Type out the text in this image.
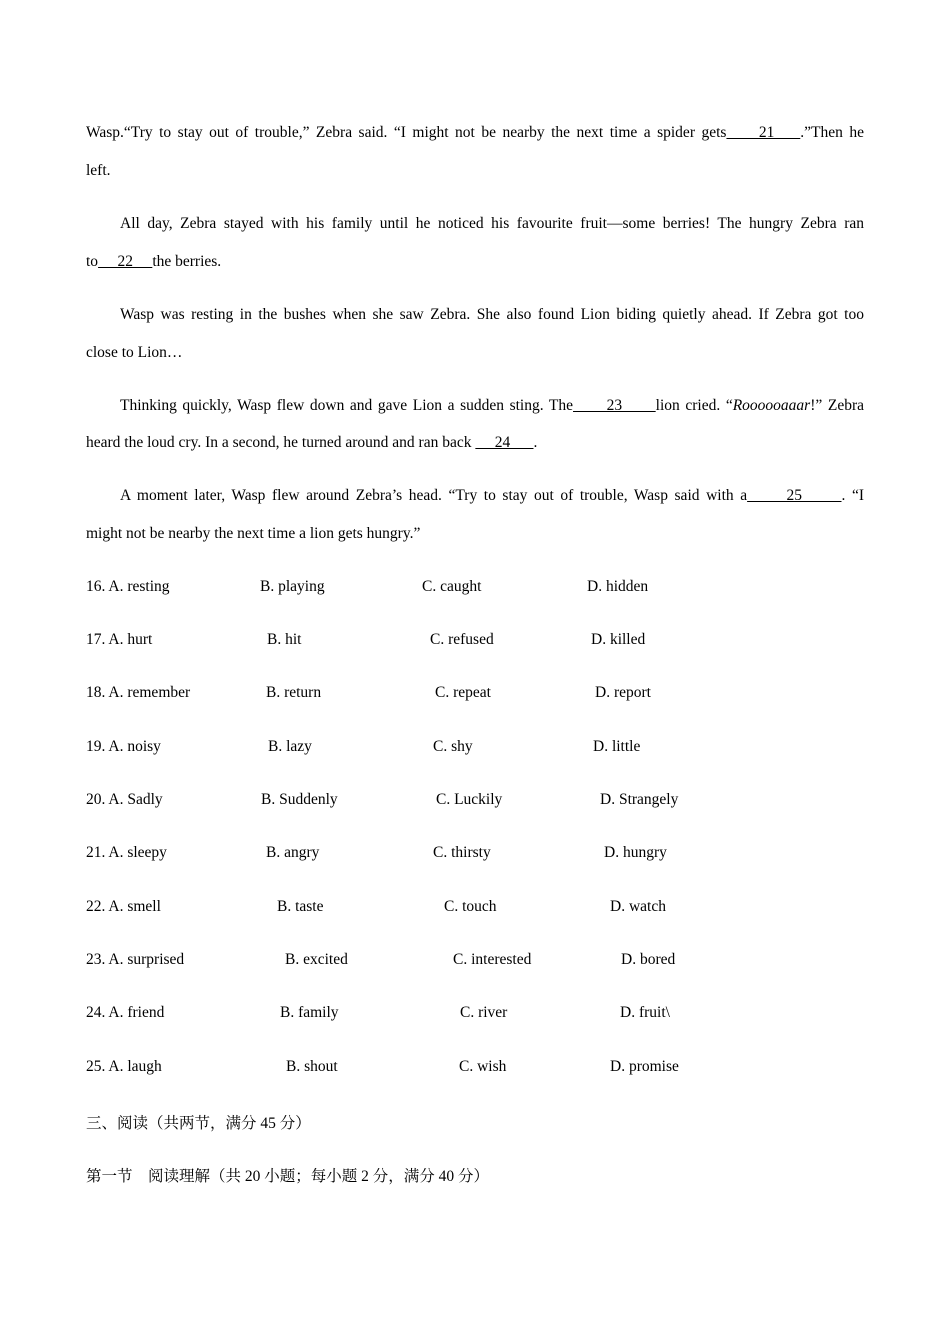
Wasp.“Try to stay out of trouble,” Zebra said. “I might not be nearby the next time a spider gets     21    .”Then he
left.
All day, Zebra stayed with his family until he noticed his favourite fruit—some berries! The hungry Zebra ran
to     22     the berries.
Wasp was resting in the bushes when she saw Zebra. She also found Lion biding quietly ahead. If Zebra got too
close to Lion…
Thinking quickly, Wasp flew down and gave Lion a sudden sting. The      23      lion cried. “Roooooaaar!” Zebra
heard the loud cry. In a second, he turned around and ran back      24      .
A moment later, Wasp flew around Zebra’s head. “Try to stay out of trouble, Wasp said with a      25      . “I
might not be nearby the next time a lion gets hungry.”
16. A. resting	B. playing	C. caught	D. hidden
17. A. hurt	B. hit	C. refused	D. killed
18. A. remember	B. return	C. repeat	D. report
19. A. noisy	B. lazy	C. shy	D. little
20. A. Sadly	B. Suddenly	C. Luckily	D. Strangely
21. A. sleepy	B. angry	C. thirsty	D. hungry
22. A. smell	B. taste	C. touch	D. watch
23. A. surprised	B. excited	C. interested	D. bored
24. A. friend	B. family	C. river	D. fruit\
25. A. laugh	B. shout	C. wish	D. promise
三、阅读（共两节，满分 45 分）
第一节　阅读理解（共 20 小题；每小题 2 分，满分 40 分）
